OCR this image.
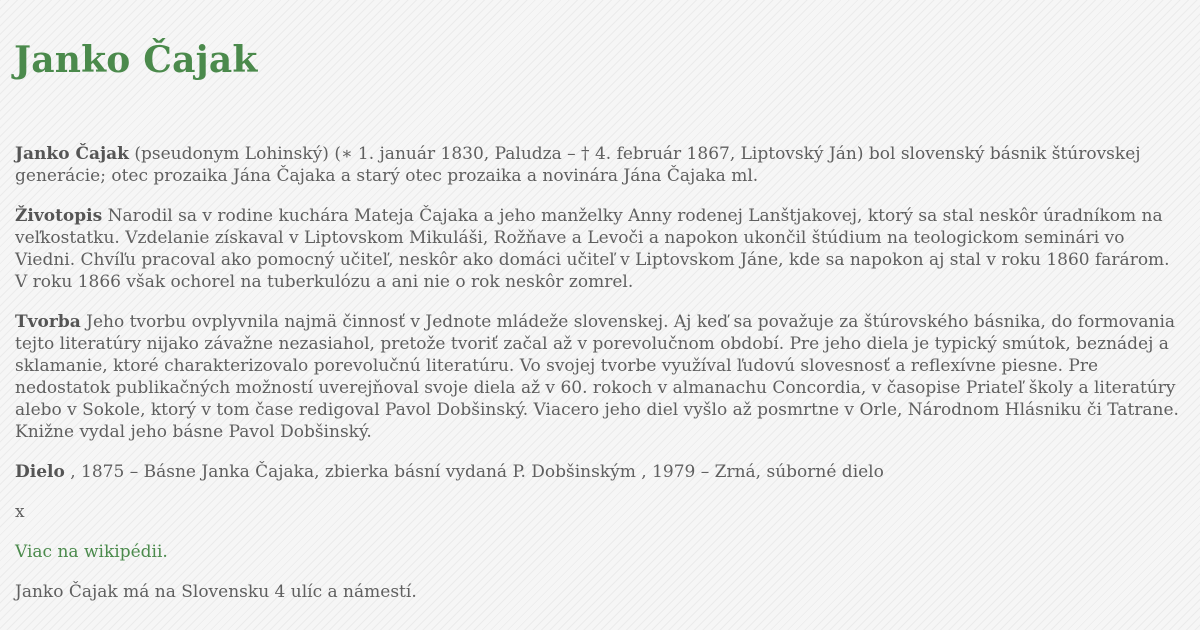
Janko Čajak

Janko Čajak (pseudonym Lohinský) (∗ 1. január 1830, Paludza – † 4. február 1867, Liptovský Ján) bol slovenský básnik štúrovskej generácie; otec prozaika Jána Čajaka a starý otec prozaika a novinára Jána Čajaka ml.

Životopis Narodil sa v rodine kuchára Mateja Čajaka a jeho manželky Anny rodenej Lanštjakovej, ktorý sa stal neskôr úradníkom na veľkostatku. Vzdelanie získaval v Liptovskom Mikuláši, Rožňave a Levoči a napokon ukončil štúdium na teologickom seminári vo Viedni. Chvíľu pracoval ako pomocný učiteľ, neskôr ako domáci učiteľ v Liptovskom Jáne, kde sa napokon aj stal v roku 1860 farárom. V roku 1866 však ochorel na tuberkulózu a ani nie o rok neskôr zomrel.

Tvorba Jeho tvorbu ovplyvnila najmä činnosť v Jednote mládeže slovenskej. Aj keď sa považuje za štúrovského básnika, do formovania tejto literatúry nijako závažne nezasiahol, pretože tvoriť začal až v porevolučnom období. Pre jeho diela je typický smútok, beznádej a sklamanie, ktoré charakterizovalo porevolučnú literatúru. Vo svojej tvorbe využíval ľudovú slovesnosť a reflexívne piesne. Pre nedostatok publikačných možností uverejňoval svoje diela až v 60. rokoch v almanachu Concordia, v časopise Priateľ školy a literatúry alebo v Sokole, ktorý v tom čase redigoval Pavol Dobšinský. Viacero jeho diel vyšlo až posmrtne v Orle, Národnom Hlásniku či Tatrane. Knižne vydal jeho básne Pavol Dobšinský.

Dielo , 1875 – Básne Janka Čajaka, zbierka básní vydaná P. Dobšinským , 1979 – Zrná, súborné dielo

x

Viac na wikipédii.

Janko Čajak má na Slovensku 4 ulíc a námestí.
